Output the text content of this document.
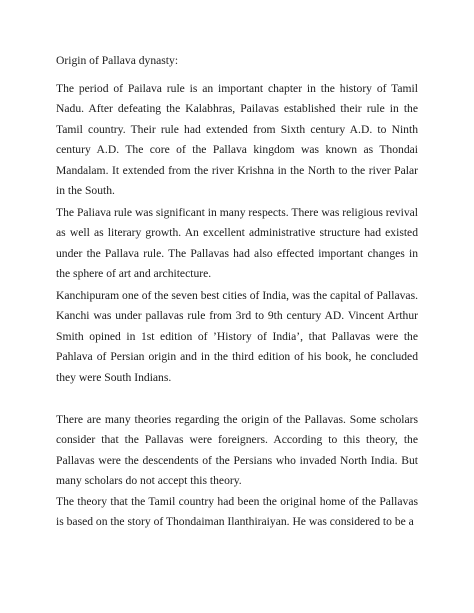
Origin of Pallava dynasty:

The period of Pailava rule is an important chapter in the history of Tamil Nadu. After defeating the Kalabhras, Pailavas established their rule in the Tamil country. Their rule had extended from Sixth century A.D. to Ninth century A.D. The core of the Pallava kingdom was known as Thondai Mandalam. It extended from the river Krishna in the North to the river Palar in the South.

The Paliava rule was significant in many respects. There was religious revival as well as literary growth. An excellent administrative structure had existed under the Pallava rule. The Pallavas had also effected important changes in the sphere of art and architecture.

Kanchipuram one of the seven best cities of India, was the capital of Pallavas. Kanchi was under pallavas rule from 3rd to 9th century AD. Vincent Arthur Smith opined in 1st edition of ’History of India’, that Pallavas were the Pahlava of Persian origin and in the third edition of his book, he concluded they were South Indians.

There are many theories regarding the origin of the Pallavas. Some scholars consider that the Pallavas were foreigners. According to this theory, the Pallavas were the descendents of the Persians who invaded North India. But many scholars do not accept this theory.

The theory that the Tamil country had been the original home of the Pallavas is based on the story of Thondaiman Ilanthiraiyan. He was considered to be a
